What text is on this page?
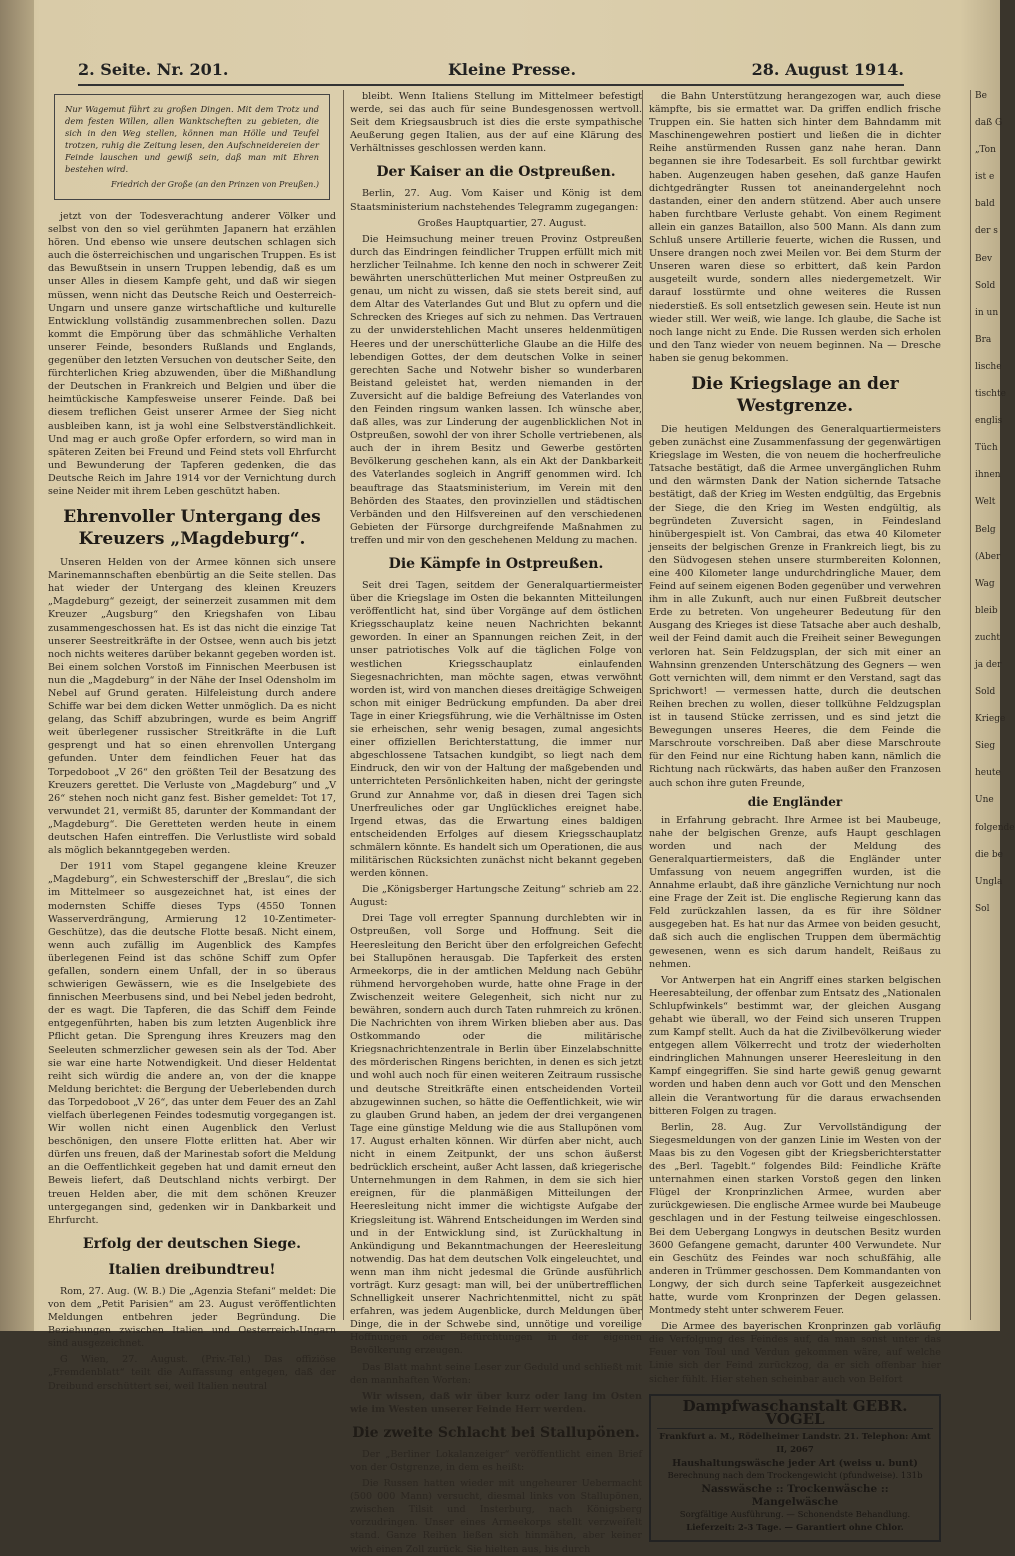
2. Seite. Nr. 201.	Kleine Presse.	28. August 1914.
Nur Wagemut führt zu großen Dingen. Mit dem Trotz und dem festen Willen, allen Wanktscheften zu gebieten, die sich in den Weg stellen, können man Hölle und Teufel trotzen, ruhig die Zeitung lesen, den Aufschneidereien der Feinde lauschen und gewiß sein, daß man mit Ehren bestehen wird.
Friedrich der Große (an den Prinzen von Preußen.)

jetzt von der Todesverachtung anderer Völker und selbst von den so viel gerühmten Japanern hat erzählen hören. Und ebenso wie unsere deutschen schlagen sich auch die österreichischen und ungarischen Truppen. Es ist das Bewußtsein in unsern Truppen lebendig, daß es um unser Alles in diesem Kampfe geht, und daß wir siegen müssen, wenn nicht das Deutsche Reich und Oesterreich-Ungarn und unsere ganze wirtschaftliche und kulturelle Entwicklung vollständig zusammenbrechen sollen. Dazu kommt die Empörung über das schmähliche Verhalten unserer Feinde, besonders Rußlands und Englands, gegenüber den letzten Versuchen von deutscher Seite, den fürchterlichen Krieg abzuwenden, über die Mißhandlung der Deutschen in Frankreich und Belgien und über die heimtückische Kampfesweise unserer Feinde. Daß bei diesem treflichen Geist unserer Armee der Sieg nicht ausbleiben kann, ist ja wohl eine Selbstverständlichkeit. Und mag er auch große Opfer erfordern, so wird man in späteren Zeiten bei Freund und Feind stets voll Ehrfurcht und Bewunderung der Tapferen gedenken, die das Deutsche Reich im Jahre 1914 vor der Vernichtung durch seine Neider mit ihrem Leben geschützt haben.

Ehrenvoller Untergang des Kreuzers „Magdeburg“.

Unseren Helden von der Armee können sich unsere Marinemannschaften ebenbürtig an die Seite stellen. Das hat wieder der Untergang des kleinen Kreuzers „Magdeburg“ gezeigt, der seinerzeit zusammen mit dem Kreuzer „Augsburg“ den Kriegshafen von Libau zusammengeschossen hat. Es ist das nicht die einzige Tat unserer Seestreitkräfte in der Ostsee, wenn auch bis jetzt noch nichts weiteres darüber bekannt gegeben worden ist. Bei einem solchen Vorstoß im Finnischen Meerbusen ist nun die „Magdeburg“ in der Nähe der Insel Odensholm im Nebel auf Grund geraten. Hilfeleistung durch andere Schiffe war bei dem dicken Wetter unmöglich. Da es nicht gelang, das Schiff abzubringen, wurde es beim Angriff weit überlegener russischer Streitkräfte in die Luft gesprengt und hat so einen ehrenvollen Untergang gefunden. Unter dem feindlichen Feuer hat das Torpedoboot „V 26“ den größten Teil der Besatzung des Kreuzers gerettet. Die Verluste von „Magdeburg“ und „V 26“ stehen noch nicht ganz fest. Bisher gemeldet: Tot 17, verwundet 21, vermißt 85, darunter der Kommandant der „Magdeburg“. Die Geretteten werden heute in einem deutschen Hafen eintreffen. Die Verlustliste wird sobald als möglich bekanntgegeben werden.

Der 1911 vom Stapel gegangene kleine Kreuzer „Magdeburg“, ein Schwesterschiff der „Breslau“, die sich im Mittelmeer so ausgezeichnet hat, ist eines der modernsten Schiffe dieses Typs (4550 Tonnen Wasserverdrängung, Armierung 12 10-Zentimeter-Geschütze), das die deutsche Flotte besaß. Nicht einem, wenn auch zufällig im Augenblick des Kampfes überlegenen Feind ist das schöne Schiff zum Opfer gefallen, sondern einem Unfall, der in so überaus schwierigen Gewässern, wie es die Inselgebiete des finnischen Meerbusens sind, und bei Nebel jeden bedroht, der es wagt. Die Tapferen, die das Schiff dem Feinde entgegenführten, haben bis zum letzten Augenblick ihre Pflicht getan. Die Sprengung ihres Kreuzers mag den Seeleuten schmerzlicher gewesen sein als der Tod. Aber sie war eine harte Notwendigkeit. Und dieser Heldentat reiht sich würdig die andere an, von der die knappe Meldung berichtet: die Bergung der Ueberlebenden durch das Torpedoboot „V 26“, das unter dem Feuer des an Zahl vielfach überlegenen Feindes todesmutig vorgegangen ist. Wir wollen nicht einen Augenblick den Verlust beschönigen, den unsere Flotte erlitten hat. Aber wir dürfen uns freuen, daß der Marinestab sofort die Meldung an die Oeffentlichkeit gegeben hat und damit erneut den Beweis liefert, daß Deutschland nichts verbirgt. Der treuen Helden aber, die mit dem schönen Kreuzer untergegangen sind, gedenken wir in Dankbarkeit und Ehrfurcht.

Erfolg der deutschen Siege.
Italien dreibundtreu!

Rom, 27. Aug. (W. B.) Die „Agenzia Stefani“ meldet: Die von dem „Petit Parisien“ am 23. August veröffentlichten Meldungen entbehren jeder Begründung. Die Beziehungen zwischen Italien und Oesterreich-Ungarn sind ausgezeichnet.

G Wien, 27. August. (Priv.-Tel.) Das offiziöse „Fremdenblatt“ teilt die Auffassung entgegen, daß der Dreibund erschüttert sei, weil Italien neutral

bleibt. Wenn Italiens Stellung im Mittelmeer befestigt werde, sei das auch für seine Bundesgenossen wertvoll. Seit dem Kriegsausbruch ist dies die erste sympathische Aeußerung gegen Italien, aus der auf eine Klärung des Verhältnisses geschlossen werden kann.

Der Kaiser an die Ostpreußen.

Berlin, 27. Aug. Vom Kaiser und König ist dem Staatsministerium nachstehendes Telegramm zugegangen:

Großes Hauptquartier, 27. August.

Die Heimsuchung meiner treuen Provinz Ostpreußen durch das Eindringen feindlicher Truppen erfüllt mich mit herzlicher Teilnahme. Ich kenne den noch in schwerer Zeit bewährten unerschütterlichen Mut meiner Ostpreußen zu genau, um nicht zu wissen, daß sie stets bereit sind, auf dem Altar des Vaterlandes Gut und Blut zu opfern und die Schrecken des Krieges auf sich zu nehmen. Das Vertrauen zu der unwiderstehlichen Macht unseres heldenmütigen Heeres und der unerschütterliche Glaube an die Hilfe des lebendigen Gottes, der dem deutschen Volke in seiner gerechten Sache und Notwehr bisher so wunderbaren Beistand geleistet hat, werden niemanden in der Zuversicht auf die baldige Befreiung des Vaterlandes von den Feinden ringsum wanken lassen. Ich wünsche aber, daß alles, was zur Linderung der augenblicklichen Not in Ostpreußen, sowohl der von ihrer Scholle vertriebenen, als auch der in ihrem Besitz und Gewerbe gestörten Bevölkerung geschehen kann, als ein Akt der Dankbarkeit des Vaterlandes sogleich in Angriff genommen wird. Ich beauftrage das Staatsministerium, im Verein mit den Behörden des Staates, den provinziellen und städtischen Verbänden und den Hilfsvereinen auf den verschiedenen Gebieten der Fürsorge durchgreifende Maßnahmen zu treffen und mir von den geschehenen Meldung zu machen.

Die Kämpfe in Ostpreußen.

Seit drei Tagen, seitdem der Generalquartiermeister über die Kriegslage im Osten die bekannten Mitteilungen veröffentlicht hat, sind über Vorgänge auf dem östlichen Kriegsschauplatz keine neuen Nachrichten bekannt geworden. In einer an Spannungen reichen Zeit, in der unser patriotisches Volk auf die täglichen Folge von westlichen Kriegsschauplatz einlaufenden Siegesnachrichten, man möchte sagen, etwas verwöhnt worden ist, wird von manchen dieses dreitägige Schweigen schon mit einiger Bedrückung empfunden. Da aber drei Tage in einer Kriegsführung, wie die Verhältnisse im Osten sie erheischen, sehr wenig besagen, zumal angesichts einer offiziellen Berichterstattung, die immer nur abgeschlossene Tatsachen kundgibt, so liegt nach dem Eindruck, den wir von der Haltung der maßgebenden und unterrichteten Persönlichkeiten haben, nicht der geringste Grund zur Annahme vor, daß in diesen drei Tagen sich Unerfreuliches oder gar Unglückliches ereignet habe. Irgend etwas, das die Erwartung eines baldigen entscheidenden Erfolges auf diesem Kriegsschauplatz schmälern könnte. Es handelt sich um Operationen, die aus militärischen Rücksichten zunächst nicht bekannt gegeben werden können.

Die „Königsberger Hartungsche Zeitung“ schrieb am 22. August:

Drei Tage voll erregter Spannung durchlebten wir in Ostpreußen, voll Sorge und Hoffnung. Seit die Heeresleitung den Bericht über den erfolgreichen Gefecht bei Stallupönen herausgab. Die Tapferkeit des ersten Armeekorps, die in der amtlichen Meldung nach Gebühr rühmend hervorgehoben wurde, hatte ohne Frage in der Zwischenzeit weitere Gelegenheit, sich nicht nur zu bewähren, sondern auch durch Taten ruhmreich zu krönen. Die Nachrichten von ihrem Wirken blieben aber aus. Das Ostkommando oder die militärische Kriegsnachrichtenzentrale in Berlin über Einzelabschnitte des mörderischen Ringens berichten, in denen es sich jetzt und wohl auch noch für einen weiteren Zeitraum russische und deutsche Streitkräfte einen entscheidenden Vorteil abzugewinnen suchen, so hätte die Oeffentlichkeit, wie wir zu glauben Grund haben, an jedem der drei vergangenen Tage eine günstige Meldung wie die aus Stallupönen vom 17. August erhalten können. Wir dürfen aber nicht, auch nicht in einem Zeitpunkt, der uns schon äußerst bedrücklich erscheint, außer Acht lassen, daß kriegerische Unternehmungen in dem Rahmen, in dem sie sich hier ereignen, für die planmäßigen Mitteilungen der Heeresleitung nicht immer die wichtigste Aufgabe der Kriegsleitung ist. Während Entscheidungen im Werden sind und in der Entwicklung sind, ist Zurückhaltung in Ankündigung und Bekanntmachungen der Heeresleitung notwendig. Das hat dem deutschen Volk eingeleuchtet, und wenn man ihm nicht jedesmal die Gründe ausführlich vorträgt. Kurz gesagt: man will, bei der unübertrefflichen Schnelligkeit unserer Nachrichtenmittel, nicht zu spät erfahren, was jedem Augenblicke, durch Meldungen über Dinge, die in der Schwebe sind, unnötige und voreilige Hoffnungen oder Befürchtungen in der eigenen Bevölkerung erzeugen.

Das Blatt mahnt seine Leser zur Geduld und schließt mit den mannhaften Worten:

Wir wissen, daß wir über kurz oder lang im Osten wie im Westen unserer Feinde Herr werden.

Die zweite Schlacht bei Stallupönen.

Der „Berliner Lokalanzeiger“ veröffentlicht einen Brief von der Ostgrenze, in dem es heißt:

Die Russen hatten wieder mit ungeheurer Uebermacht (500 000 Mann) versucht, diesmal links von Stallupönen, zwischen Tilsit und Insterburg, nach Königsberg vorzudringen. Unser eines Armeekorps stellt verzweifelt stand. Ganze Reihen ließen sich hinmähen, aber keiner wich einen Zoll zurück. Sie hielten aus, bis durch

die Bahn Unterstützung herangezogen war, auch diese kämpfte, bis sie ermattet war. Da griffen endlich frische Truppen ein. Sie hatten sich hinter dem Bahndamm mit Maschinengewehren postiert und ließen die in dichter Reihe anstürmenden Russen ganz nahe heran. Dann begannen sie ihre Todesarbeit. Es soll furchtbar gewirkt haben. Augenzeugen haben gesehen, daß ganze Haufen dichtgedrängter Russen tot aneinandergelehnt noch dastanden, einer den andern stützend. Aber auch unsere haben furchtbare Verluste gehabt. Von einem Regiment allein ein ganzes Bataillon, also 500 Mann. Als dann zum Schluß unsere Artillerie feuerte, wichen die Russen, und Unsere drangen noch zwei Meilen vor. Bei dem Sturm der Unseren waren diese so erbittert, daß kein Pardon ausgeteilt wurde, sondern alles niedergemetzelt. Wir darauf losstürmte und ohne weiteres die Russen niederstieß. Es soll entsetzlich gewesen sein. Heute ist nun wieder still. Wer weiß, wie lange. Ich glaube, die Sache ist noch lange nicht zu Ende. Die Russen werden sich erholen und den Tanz wieder von neuem beginnen. Na — Dresche haben sie genug bekommen.

Die Kriegslage an der Westgrenze.

Die heutigen Meldungen des Generalquartiermeisters geben zunächst eine Zusammenfassung der gegenwärtigen Kriegslage im Westen, die von neuem die hocherfreuliche Tatsache bestätigt, daß die Armee unvergänglichen Ruhm und den wärmsten Dank der Nation sichernde Tatsache bestätigt, daß der Krieg im Westen endgültig, das Ergebnis der Siege, die den Krieg im Westen endgültig, als begründeten Zuversicht sagen, in Feindesland hinübergespielt ist. Von Cambrai, das etwa 40 Kilometer jenseits der belgischen Grenze in Frankreich liegt, bis zu den Südvogesen stehen unsere sturmbereiten Kolonnen, eine 400 Kilometer lange undurchdringliche Mauer, dem Feind auf seinem eigenen Boden gegenüber und verwehren ihm in alle Zukunft, auch nur einen Fußbreit deutscher Erde zu betreten. Von ungeheurer Bedeutung für den Ausgang des Krieges ist diese Tatsache aber auch deshalb, weil der Feind damit auch die Freiheit seiner Bewegungen verloren hat. Sein Feldzugsplan, der sich mit einer an Wahnsinn grenzenden Unterschätzung des Gegners — wen Gott vernichten will, dem nimmt er den Verstand, sagt das Sprichwort! — vermessen hatte, durch die deutschen Reihen brechen zu wollen, dieser tollkühne Feldzugsplan ist in tausend Stücke zerrissen, und es sind jetzt die Bewegungen unseres Heeres, die dem Feinde die Marschroute vorschreiben. Daß aber diese Marschroute für den Feind nur eine Richtung haben kann, nämlich die Richtung nach rückwärts, das haben außer den Franzosen auch schon ihre guten Freunde,

die Engländer

in Erfahrung gebracht. Ihre Armee ist bei Maubeuge, nahe der belgischen Grenze, aufs Haupt geschlagen worden und nach der Meldung des Generalquartiermeisters, daß die Engländer unter Umfassung von neuem angegriffen wurden, ist die Annahme erlaubt, daß ihre gänzliche Vernichtung nur noch eine Frage der Zeit ist. Die englische Regierung kann das Feld zurückzahlen lassen, da es für ihre Söldner ausgegeben hat. Es hat nur das Armee von beiden gesucht, daß sich auch die englischen Truppen dem übermächtig gewesenen, wenn es sich darum handelt, Reißaus zu nehmen.

Vor Antwerpen hat ein Angriff eines starken belgischen Heeresabteilung, der offenbar zum Entsatz des „Nationalen Schlupfwinkels“ bestimmt war, der gleichen Ausgang gehabt wie überall, wo der Feind sich unseren Truppen zum Kampf stellt. Auch da hat die Zivilbevölkerung wieder entgegen allem Völkerrecht und trotz der wiederholten eindringlichen Mahnungen unserer Heeresleitung in den Kampf eingegriffen. Sie sind harte gewiß genug gewarnt worden und haben denn auch vor Gott und den Menschen allein die Verantwortung für die daraus erwachsenden bitteren Folgen zu tragen.

Berlin, 28. Aug. Zur Vervollständigung der Siegesmeldungen von der ganzen Linie im Westen von der Maas bis zu den Vogesen gibt der Kriegsberichterstatter des „Berl. Tageblt.“ folgendes Bild: Feindliche Kräfte unternahmen einen starken Vorstoß gegen den linken Flügel der Kronprinzlichen Armee, wurden aber zurückgewiesen. Die englische Armee wurde bei Maubeuge geschlagen und in der Festung teilweise eingeschlossen. Bei dem Uebergang Longwys in deutschen Besitz wurden 3600 Gefangene gemacht, darunter 400 Verwundete. Nur ein Geschütz des Feindes war noch schußfähig, alle anderen in Trümmer geschossen. Dem Kommandanten von Longwy, der sich durch seine Tapferkeit ausgezeichnet hatte, wurde vom Kronprinzen der Degen gelassen. Montmedy steht unter schwerem Feuer.

Die Armee des bayerischen Kronprinzen gab vorläufig die Verfolgung des Feindes auf, da man sonst unter das Feuer von Toul und Verdun gekommen wäre, auf welche Linie sich der Feind zurückzog, da er sich offenbar hier sicher fühlt. Hier stehen scheinbar auch von Belfort

Dampfwaschanstalt GEBR. VOGEL
Frankfurt a. M., Rödelheimer Landstr. 21. Telephon: Amt II, 2067
Haushaltungswäsche jeder Art (weiss u. bunt)
Berechnung nach dem Trockengewicht (pfundweise). 131b
Nasswäsche :: Trockenwäsche :: Mangelwäsche
Sorgfältige Ausführung. — Schonendste Behandlung.
Lieferzeit: 2-3 Tage. — Garantiert ohne Chlor.
Be
daß G
„Ton
ist e
bald
der s
Bev
Sold
in un
Bra
lische
tischte
englis
Tüch
ihnen
Welt
Belg
(Aber
Wag
bleib
zucht
ja der
Sold
Kriege
Sieg
heute
Une
folgende
die be
Ungla
Sol
